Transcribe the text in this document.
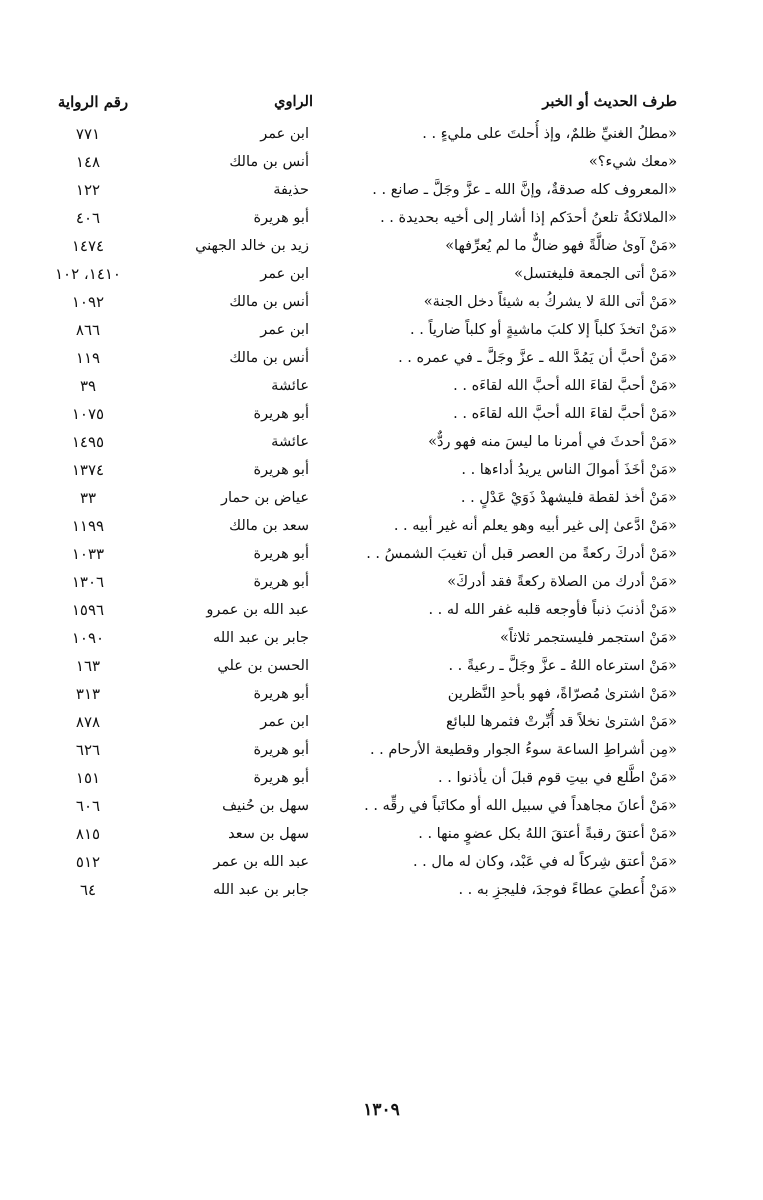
طرف الحديث أو الخبر
الراوي
رقم الرواية
«مطلُ الغنيِّ ظلمٌ، وإذ أُحلتَ على مليءٍ . .
ابن عمر
٧٧١
«معك شيء؟»
أنس بن مالك
١٤٨
«المعروف كله صدقةٌ، وإنَّ الله ـ عزَّ وجَلَّ ـ صانع . .
حذيفة
١٢٢
«الملائكةُ تلعنُ أحدَكم إذا أشار إلى أخيه بحديدة . .
أبو هريرة
٤٠٦
«مَنْ آوىٰ ضالَّةً فهو ضالٌّ ما لم يُعرِّفها»
زيد بن خالد الجهني
١٤٧٤
«مَنْ أتى الجمعة فليغتسل»
ابن عمر
١٤١٠، ١٠٢
«مَنْ أتى اللهَ لا يشركُ به شيئاً دخل الجنة»
أنس بن مالك
١٠٩٢
«مَنْ اتخذَ كلباً إلا كلبَ ماشيةٍ أو كلباً ضارياً . .
ابن عمر
٨٦٦
«مَنْ أحبَّ أن يَمُدَّ الله ـ عزَّ وجَلَّ ـ في عمره . .
أنس بن مالك
١١٩
«مَنْ أحبَّ لقاءَ الله أحبَّ الله لقاءَه . .
عائشة
٣٩
«مَنْ أحبَّ لقاءَ الله أحبَّ الله لقاءَه . .
أبو هريرة
١٠٧٥
«مَنْ أحدثَ في أمرنا ما ليسَ منه فهو ردٌّ»
عائشة
١٤٩٥
«مَنْ أخَذَ أموالَ الناس يريدُ أداءها . .
أبو هريرة
١٣٧٤
«مَنْ أخذ لقطة فليشهدْ ذَوَيْ عَدْلٍ . .
عياض بن حمار
٣٣
«مَنْ ادَّعىٰ إلى غير أبيه وهو يعلم أنه غير أبيه . .
سعد بن مالك
١١٩٩
«مَنْ أدركَ ركعةً من العصر قبل أن تغيبَ الشمسُ . .
أبو هريرة
١٠٣٣
«مَنْ أدرك من الصلاة ركعةً فقد أدركَ»
أبو هريرة
١٣٠٦
«مَنْ أذنبَ ذنباً فأوجعه قلبه غفر الله له . .
عبد الله بن عمرو
١٥٩٦
«مَنْ استجمر فليستجمر ثلاثاً»
جابر بن عبد الله
١٠٩٠
«مَنْ استرعاه اللهُ ـ عزَّ وجَلَّ ـ رعيةً . .
الحسن بن علي
١٦٣
«مَنْ اشترىٰ مُصرّاةً، فهو بأحدِ النَّظرين
أبو هريرة
٣١٣
«مَنْ اشترىٰ نخلاً قد أُبِّرتْ فثمرها للبائع
ابن عمر
٨٧٨
«مِن أشراطِ الساعة سوءُ الجوار وقطيعة الأرحام . .
أبو هريرة
٦٢٦
«مَنْ اطَّلع في بيتِ قوم قبلَ أن يأذنوا . .
أبو هريرة
١٥١
«مَنْ أعانَ مجاهداً في سبيل الله أو مكاتَباً في رقِّه . .
سهل بن حُنيف
٦٠٦
«مَنْ أعتقَ رقبةً أعتقَ اللهُ بكل عضوٍ منها . .
سهل بن سعد
٨١٥
«مَنْ أعتق شِركاً له في عَبْد، وكان له مال . .
عبد الله بن عمر
٥١٢
«مَنْ أُعطيَ عطاءً فوجدَ، فليجزِ به . .
جابر بن عبد الله
٦٤
١٣٠٩
